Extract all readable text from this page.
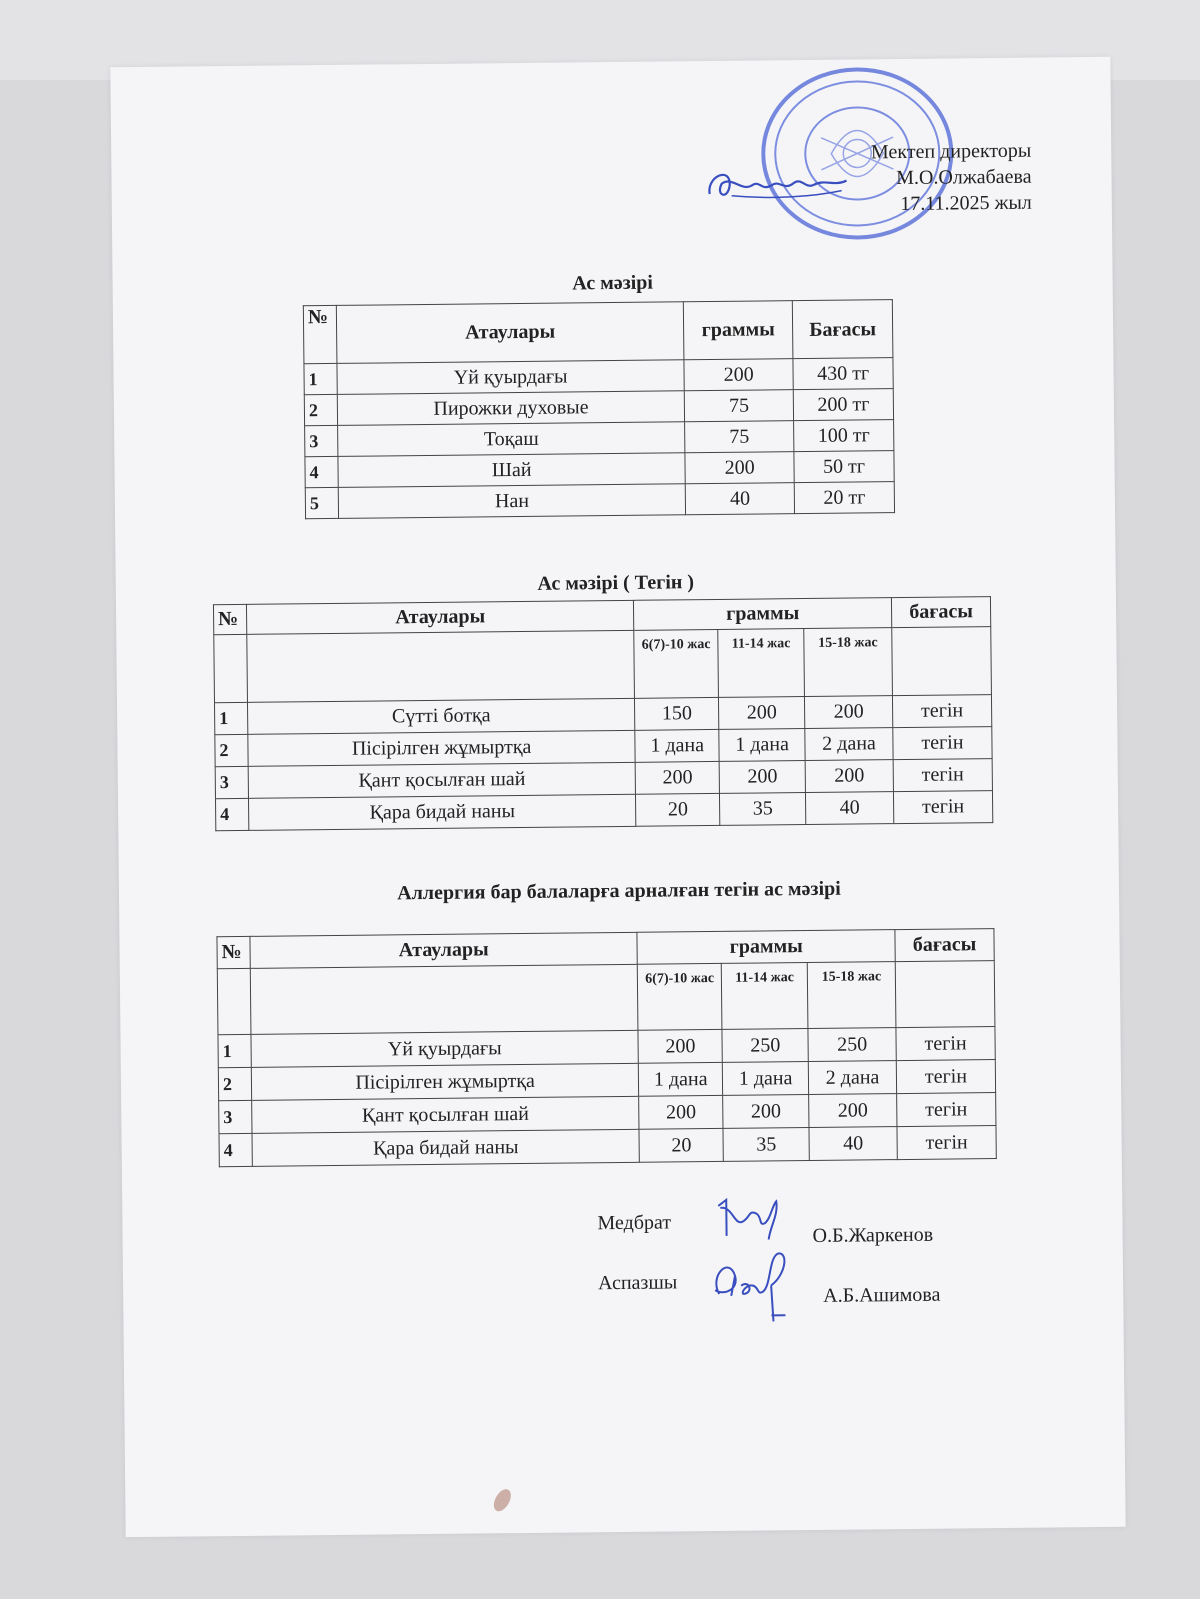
Мектеп директоры
М.О.Олжабаева
17.11.2025 жыл
Ас мәзірі
№	Атаулары	граммы	Бағасы
1	Үй қуырдағы	200	430 тг
2	Пирожки духовые	75	200 тг
3	Тоқаш	75	100 тг
4	Шай	200	50 тг
5	Нан	40	20 тг
Ас мәзірі ( Тегін )
№	Атаулары	граммы			бағасы
		6(7)-10 жас	11-14 жас	15-18 жас	
1	Сүтті ботқа	150	200	200	тегін
2	Пісірілген жұмыртқа	1 дана	1 дана	2 дана	тегін
3	Қант қосылған шай	200	200	200	тегін
4	Қара бидай наны	20	35	40	тегін
Аллергия бар балаларға арналған тегін ас мәзірі
№	Атаулары	граммы			бағасы
		6(7)-10 жас	11-14 жас	15-18 жас	
1	Үй қуырдағы	200	250	250	тегін
2	Пісірілген жұмыртқа	1 дана	1 дана	2 дана	тегін
3	Қант қосылған шай	200	200	200	тегін
4	Қара бидай наны	20	35	40	тегін
Медбрат
О.Б.Жаркенов
Аспазшы
А.Б.Ашимова
